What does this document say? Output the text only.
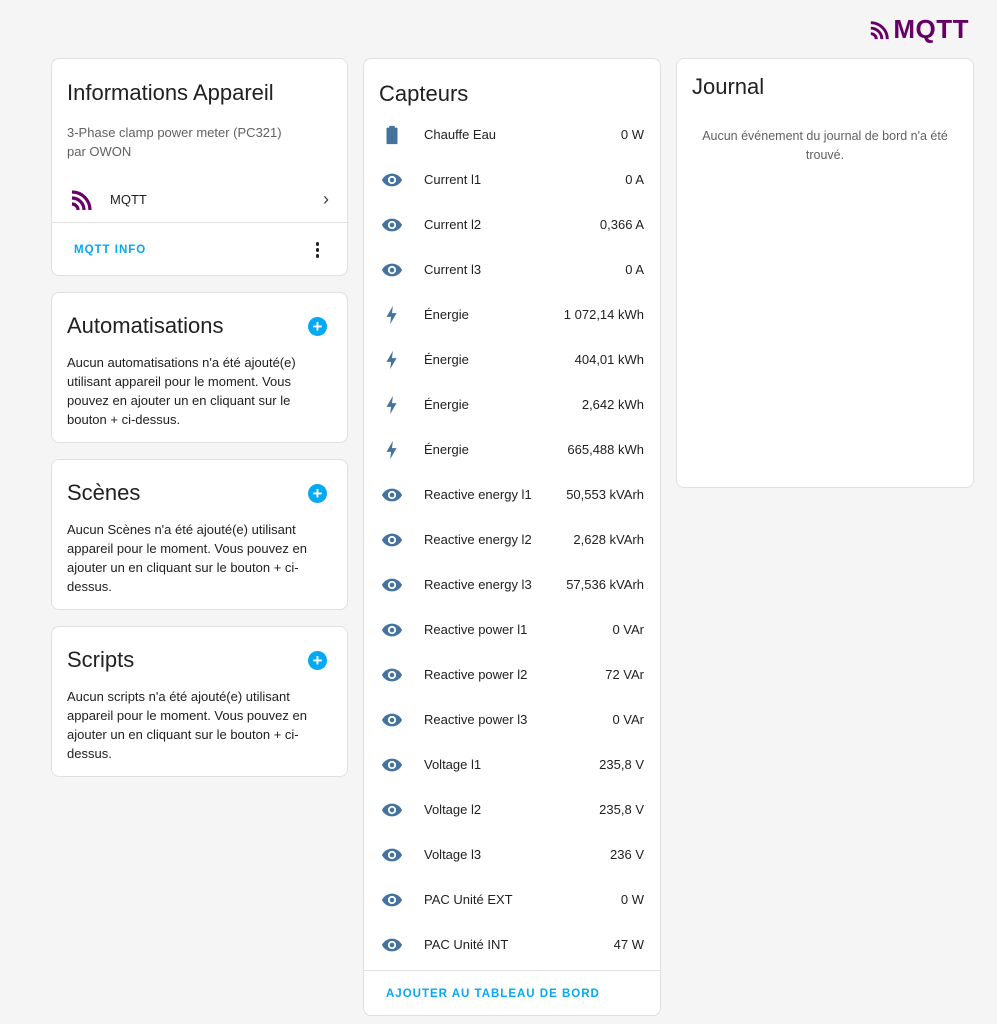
MQTT
Informations Appareil
3-Phase clamp power meter (PC321)
par OWON
MQTT	›
MQTT INFO
Automatisations	+
Aucun automatisations n'a été ajouté(e) utilisant appareil pour le moment. Vous pouvez en ajouter un en cliquant sur le bouton + ci-dessus.
Scènes	+
Aucun Scènes n'a été ajouté(e) utilisant appareil pour le moment. Vous pouvez en ajouter un en cliquant sur le bouton + ci-dessus.
Scripts	+
Aucun scripts n'a été ajouté(e) utilisant appareil pour le moment. Vous pouvez en ajouter un en cliquant sur le bouton + ci-dessus.
Capteurs
Chauffe Eau	0 W
Current l1	0 A
Current l2	0,366 A
Current l3	0 A
Énergie	1 072,14 kWh
Énergie	404,01 kWh
Énergie	2,642 kWh
Énergie	665,488 kWh
Reactive energy l1	50,553 kVArh
Reactive energy l2	2,628 kVArh
Reactive energy l3	57,536 kVArh
Reactive power l1	0 VAr
Reactive power l2	72 VAr
Reactive power l3	0 VAr
Voltage l1	235,8 V
Voltage l2	235,8 V
Voltage l3	236 V
PAC Unité EXT	0 W
PAC Unité INT	47 W
AJOUTER AU TABLEAU DE BORD
Journal
Aucun événement du journal de bord n'a été trouvé.
